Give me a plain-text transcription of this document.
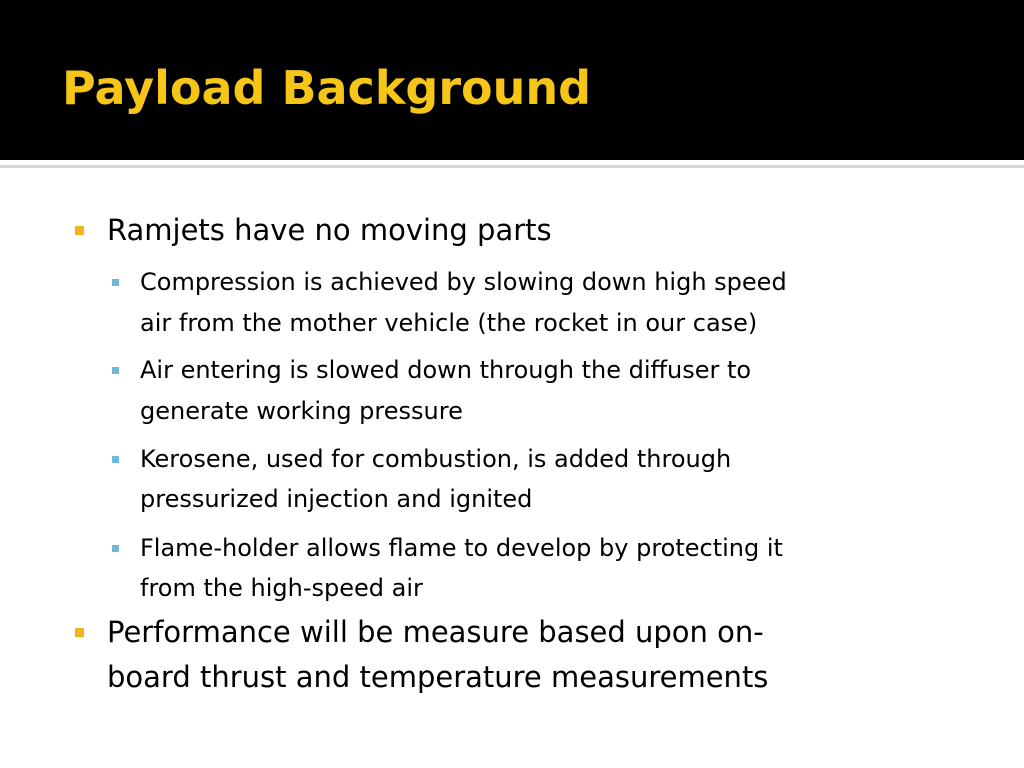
Payload Background
Ramjets have no moving parts
Compression is achieved by slowing down high speed
air from the mother vehicle (the rocket in our case)
Air entering is slowed down through the diffuser to
generate working pressure
Kerosene, used for combustion, is added through
pressurized injection and ignited
Flame-holder allows flame to develop by protecting it
from the high-speed air
Performance will be measure based upon on-
board thrust and temperature measurements
